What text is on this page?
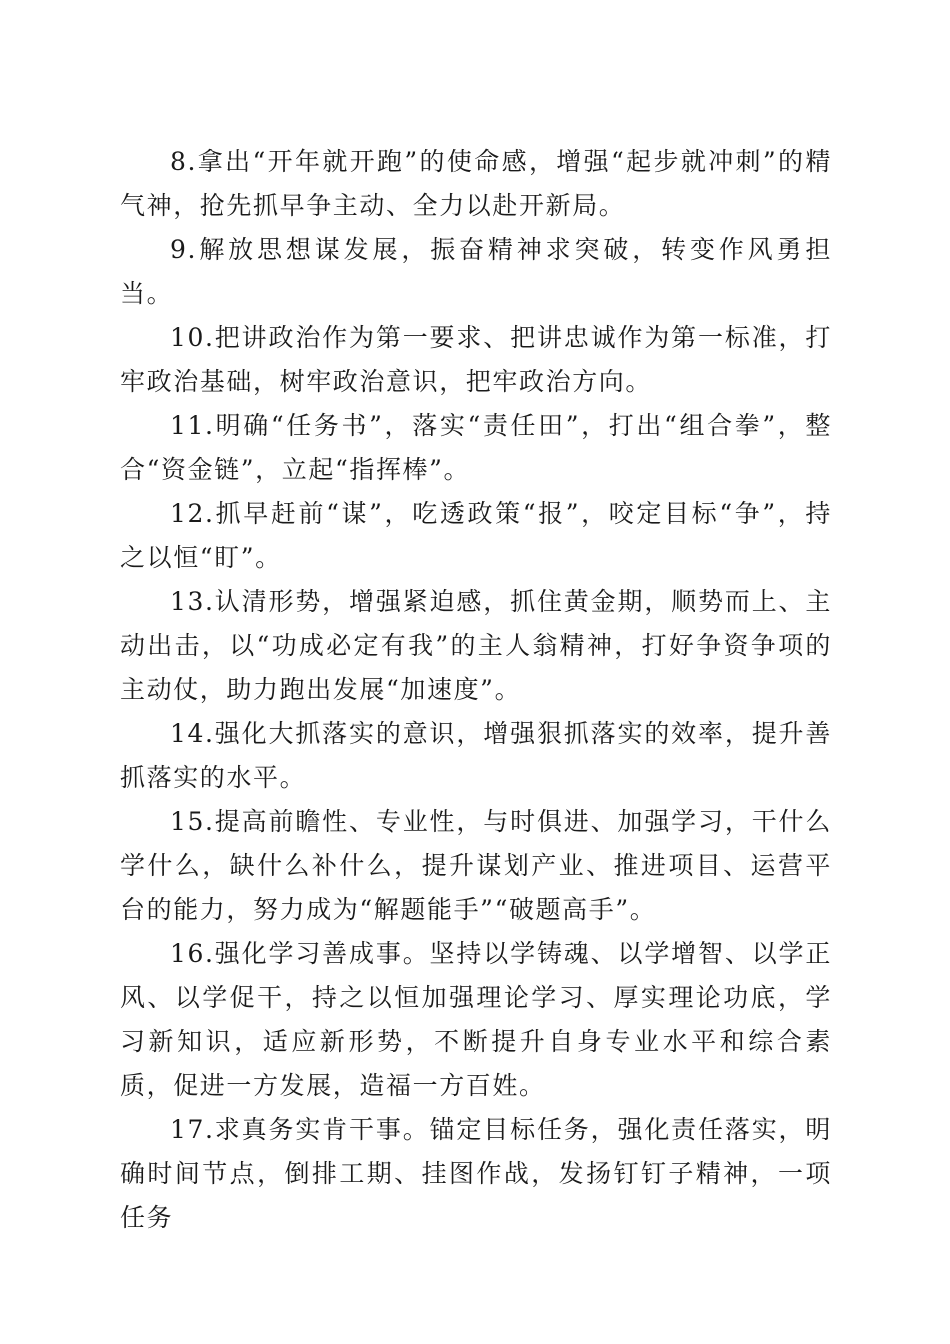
8.拿出“开年就开跑”的使命感，增强“起步就冲刺”的精气神，抢先抓早争主动、全力以赴开新局。

9.解放思想谋发展，振奋精神求突破，转变作风勇担当。

10.把讲政治作为第一要求、把讲忠诚作为第一标准，打牢政治基础，树牢政治意识，把牢政治方向。

11.明确“任务书”，落实“责任田”，打出“组合拳”，整合“资金链”，立起“指挥棒”。

12.抓早赶前“谋”，吃透政策“报”，咬定目标“争”，持之以恒“盯”。

13.认清形势，增强紧迫感，抓住黄金期，顺势而上、主动出击，以“功成必定有我”的主人翁精神，打好争资争项的主动仗，助力跑出发展“加速度”。

14.强化大抓落实的意识，增强狠抓落实的效率，提升善抓落实的水平。

15.提高前瞻性、专业性，与时俱进、加强学习，干什么学什么，缺什么补什么，提升谋划产业、推进项目、运营平台的能力，努力成为“解题能手”“破题高手”。

16.强化学习善成事。坚持以学铸魂、以学增智、以学正风、以学促干，持之以恒加强理论学习、厚实理论功底，学习新知识，适应新形势，不断提升自身专业水平和综合素质，促进一方发展，造福一方百姓。

17.求真务实肯干事。锚定目标任务，强化责任落实，明确时间节点，倒排工期、挂图作战，发扬钉钉子精神，一项任务
